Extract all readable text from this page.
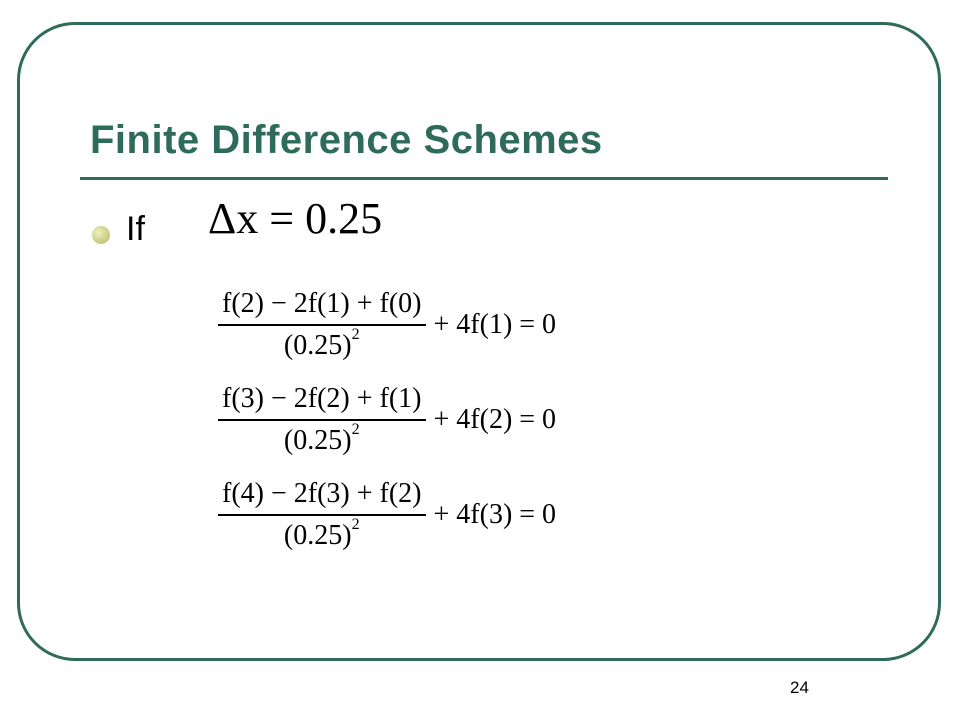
Finite Difference Schemes
If Δx = 0.25
$\frac{f(2) - 2f(1) + f(0)}{(0.25)^2} + 4f(1) = 0$
$\frac{f(3) - 2f(2) + f(1)}{(0.25)^2} + 4f(2) = 0$
$\frac{f(4) - 2f(3) + f(2)}{(0.25)^2} + 4f(3) = 0$
24
